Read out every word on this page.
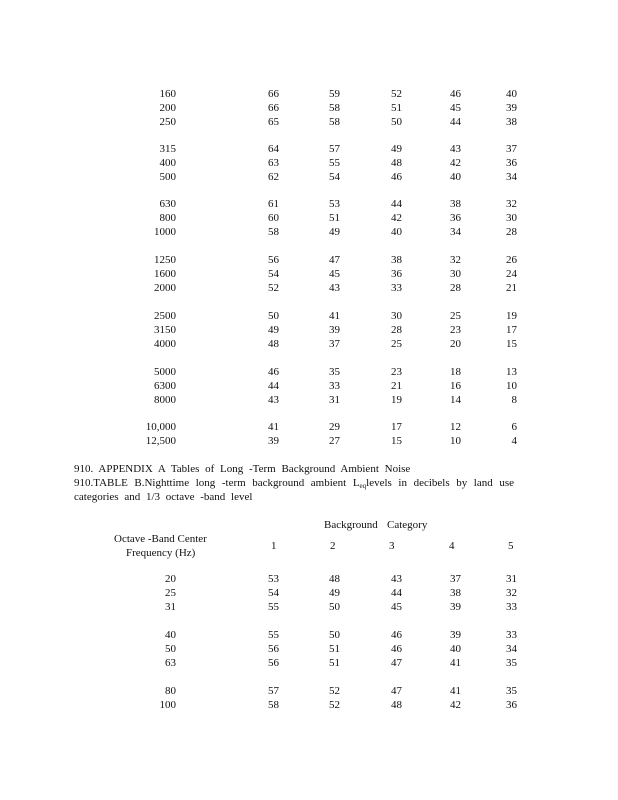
160	66	59	52	46	40
200	66	58	51	45	39
250	65	58	50	44	38
315	64	57	49	43	37
400	63	55	48	42	36
500	62	54	46	40	34
630	61	53	44	38	32
800	60	51	42	36	30
1000	58	49	40	34	28
1250	56	47	38	32	26
1600	54	45	36	30	24
2000	52	43	33	28	21
2500	50	41	30	25	19
3150	49	39	28	23	17
4000	48	37	25	20	15
5000	46	35	23	18	13
6300	44	33	21	16	10
8000	43	31	19	14	8
10,000	41	29	17	12	6
12,500	39	27	15	10	4
910. APPENDIX A Tables of Long -Term Background Ambient Noise
910.TABLE B.Nighttime long -term background ambient $L_{eq}levels$ in decibels by land use
categories and 1/3 octave -band level
Background Category
Octave -Band Center
Frequency (Hz)
1	2	3	4	5
20	53	48	43	37	31
25	54	49	44	38	32
31	55	50	45	39	33
40	55	50	46	39	33
50	56	51	46	40	34
63	56	51	47	41	35
80	57	52	47	41	35
100	58	52	48	42	36
